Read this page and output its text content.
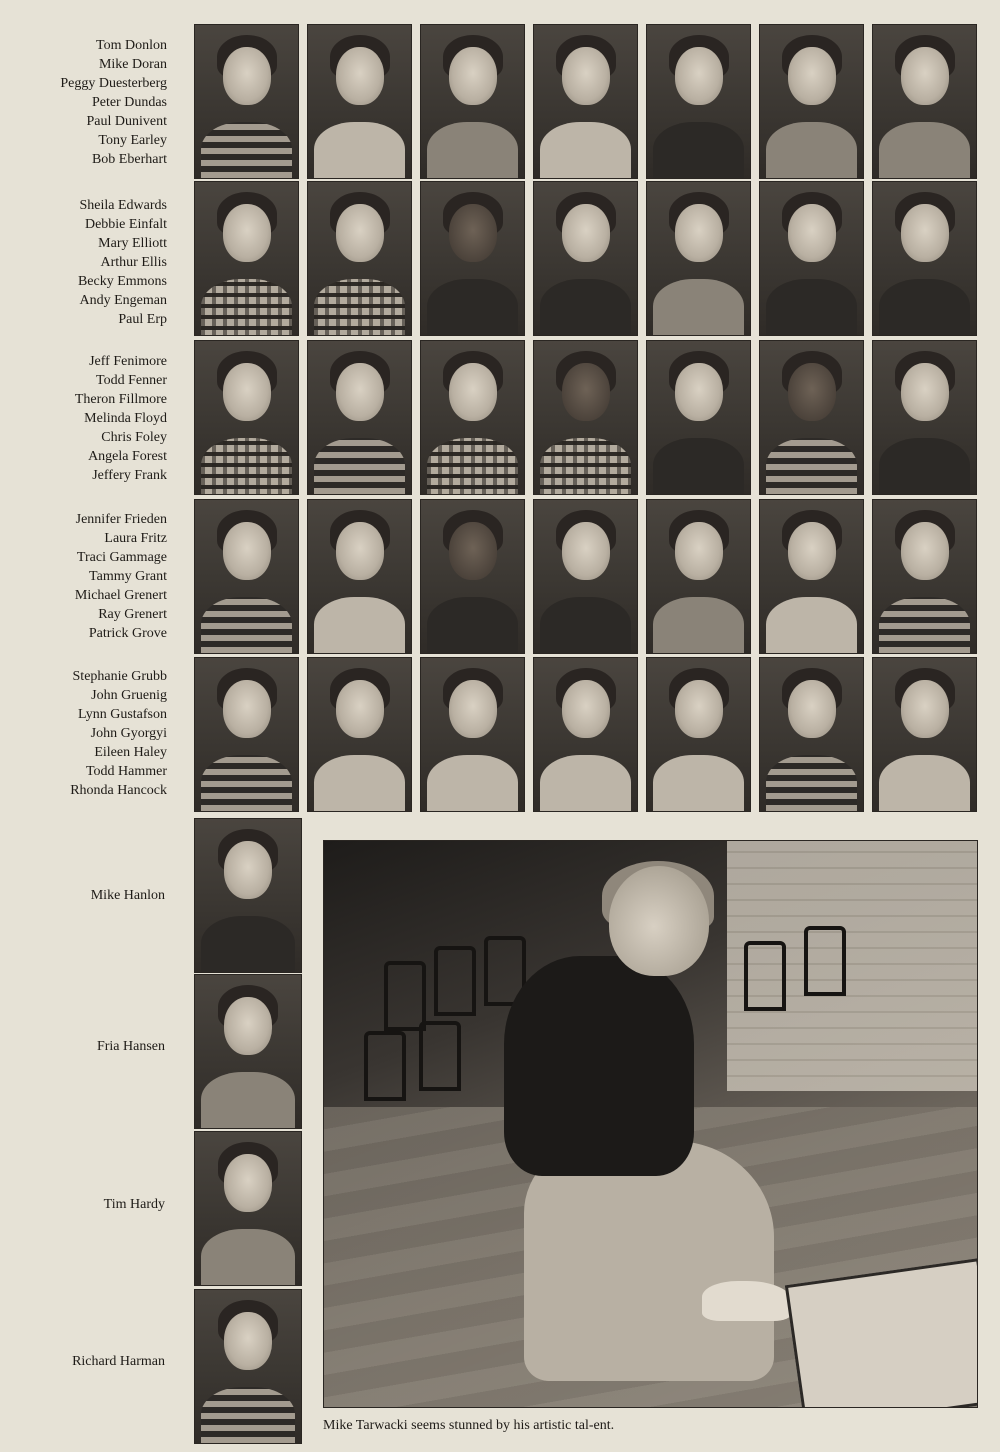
Tom Donlon
Mike Doran
Peggy Duesterberg
Peter Dundas
Paul Dunivent
Tony Earley
Bob Eberhart
Sheila Edwards
Debbie Einfalt
Mary Elliott
Arthur Ellis
Becky Emmons
Andy Engeman
Paul Erp
Jeff Fenimore
Todd Fenner
Theron Fillmore
Melinda Floyd
Chris Foley
Angela Forest
Jeffery Frank
Jennifer Frieden
Laura Fritz
Traci Gammage
Tammy Grant
Michael Grenert
Ray Grenert
Patrick Grove
Stephanie Grubb
John Gruenig
Lynn Gustafson
John Gyorgyi
Eileen Haley
Todd Hammer
Rhonda Hancock
Mike Hanlon
Fria Hansen
Tim Hardy
Richard Harman
Mike Tarwacki seems stunned by his artistic tal-ent.
